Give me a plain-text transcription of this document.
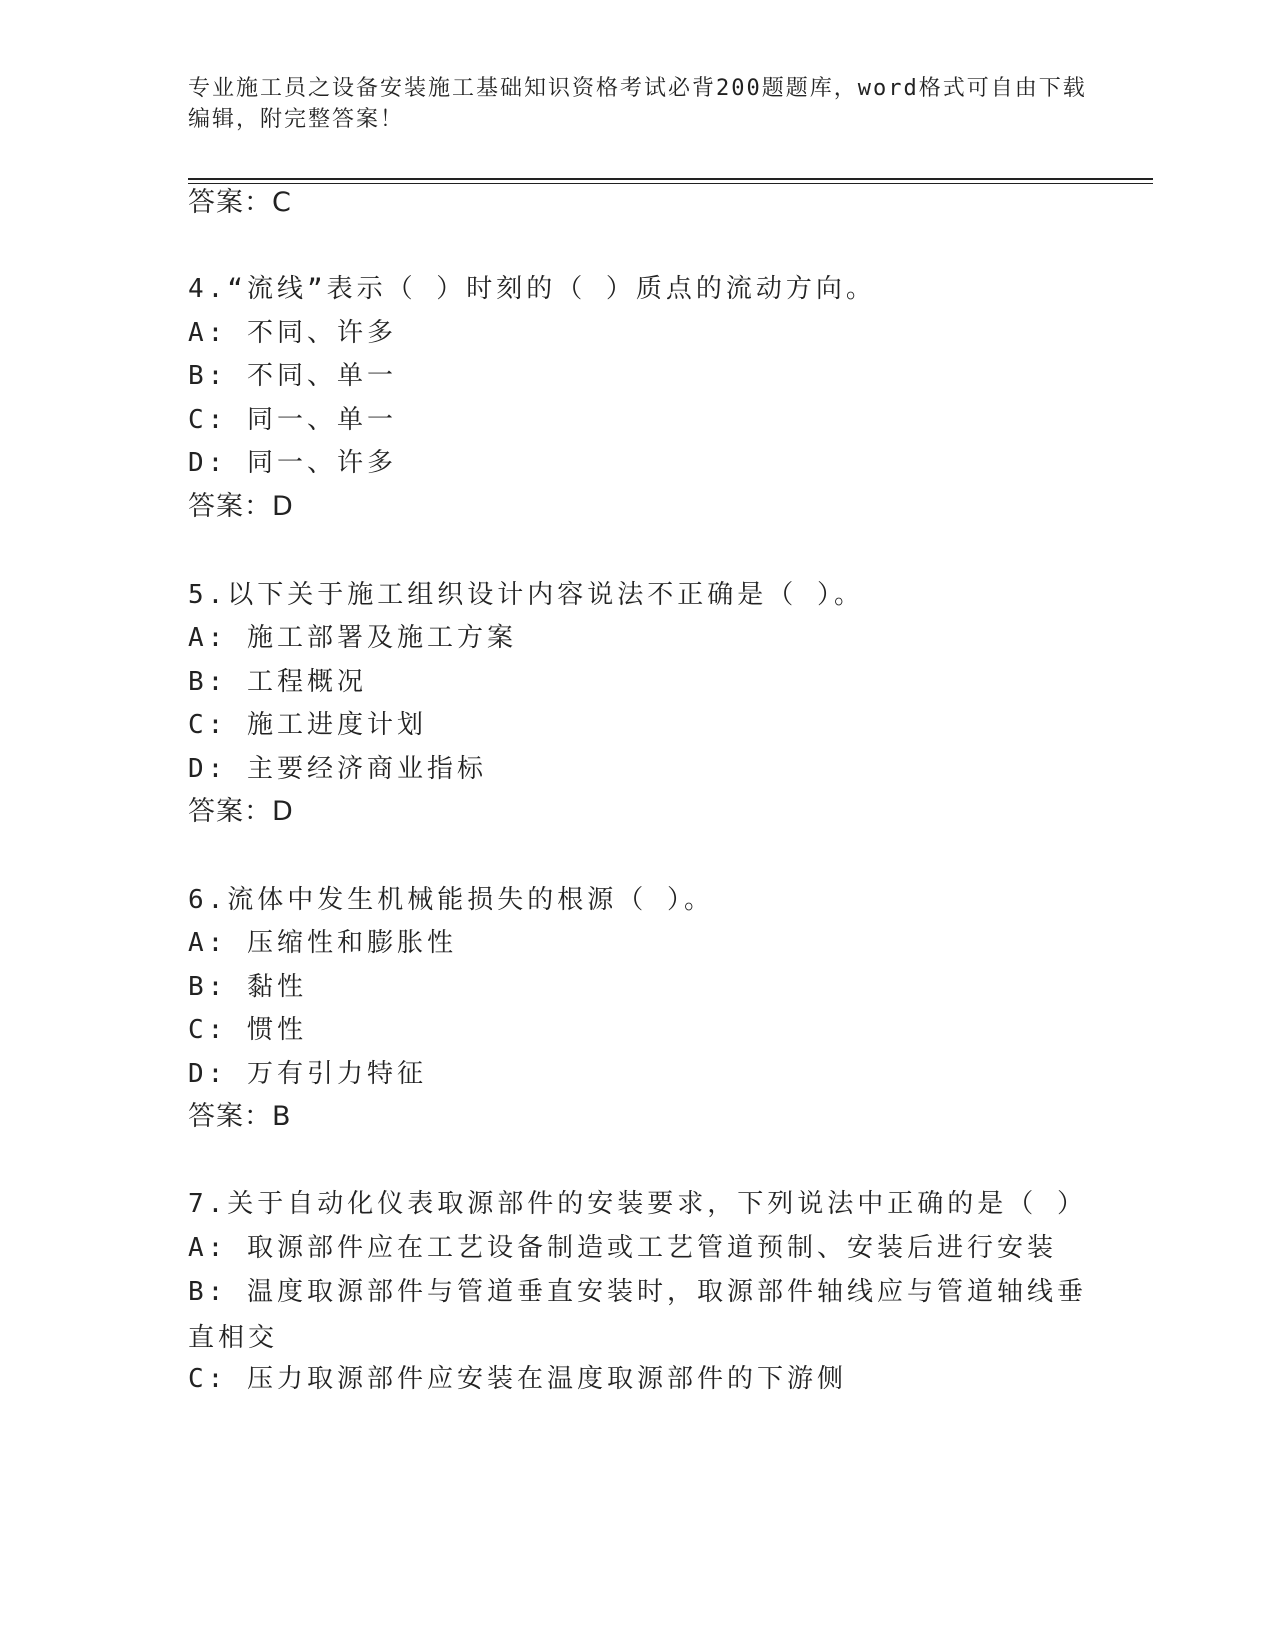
专业施工员之设备安装施工基础知识资格考试必背200题题库，word格式可自由下载编辑，附完整答案！
答案：C
4.“流线”表示（ ）时刻的（ ）质点的流动方向。
A: 不同、许多
B: 不同、单一
C: 同一、单一
D: 同一、许多
答案：D
5.以下关于施工组织设计内容说法不正确是（ ）。
A: 施工部署及施工方案
B: 工程概况
C: 施工进度计划
D: 主要经济商业指标
答案：D
6.流体中发生机械能损失的根源（ ）。
A: 压缩性和膨胀性
B: 黏性
C: 惯性
D: 万有引力特征
答案：B
7.关于自动化仪表取源部件的安装要求，下列说法中正确的是（ ）
A: 取源部件应在工艺设备制造或工艺管道预制、安装后进行安装
B: 温度取源部件与管道垂直安装时，取源部件轴线应与管道轴线垂直相交
C: 压力取源部件应安装在温度取源部件的下游侧
